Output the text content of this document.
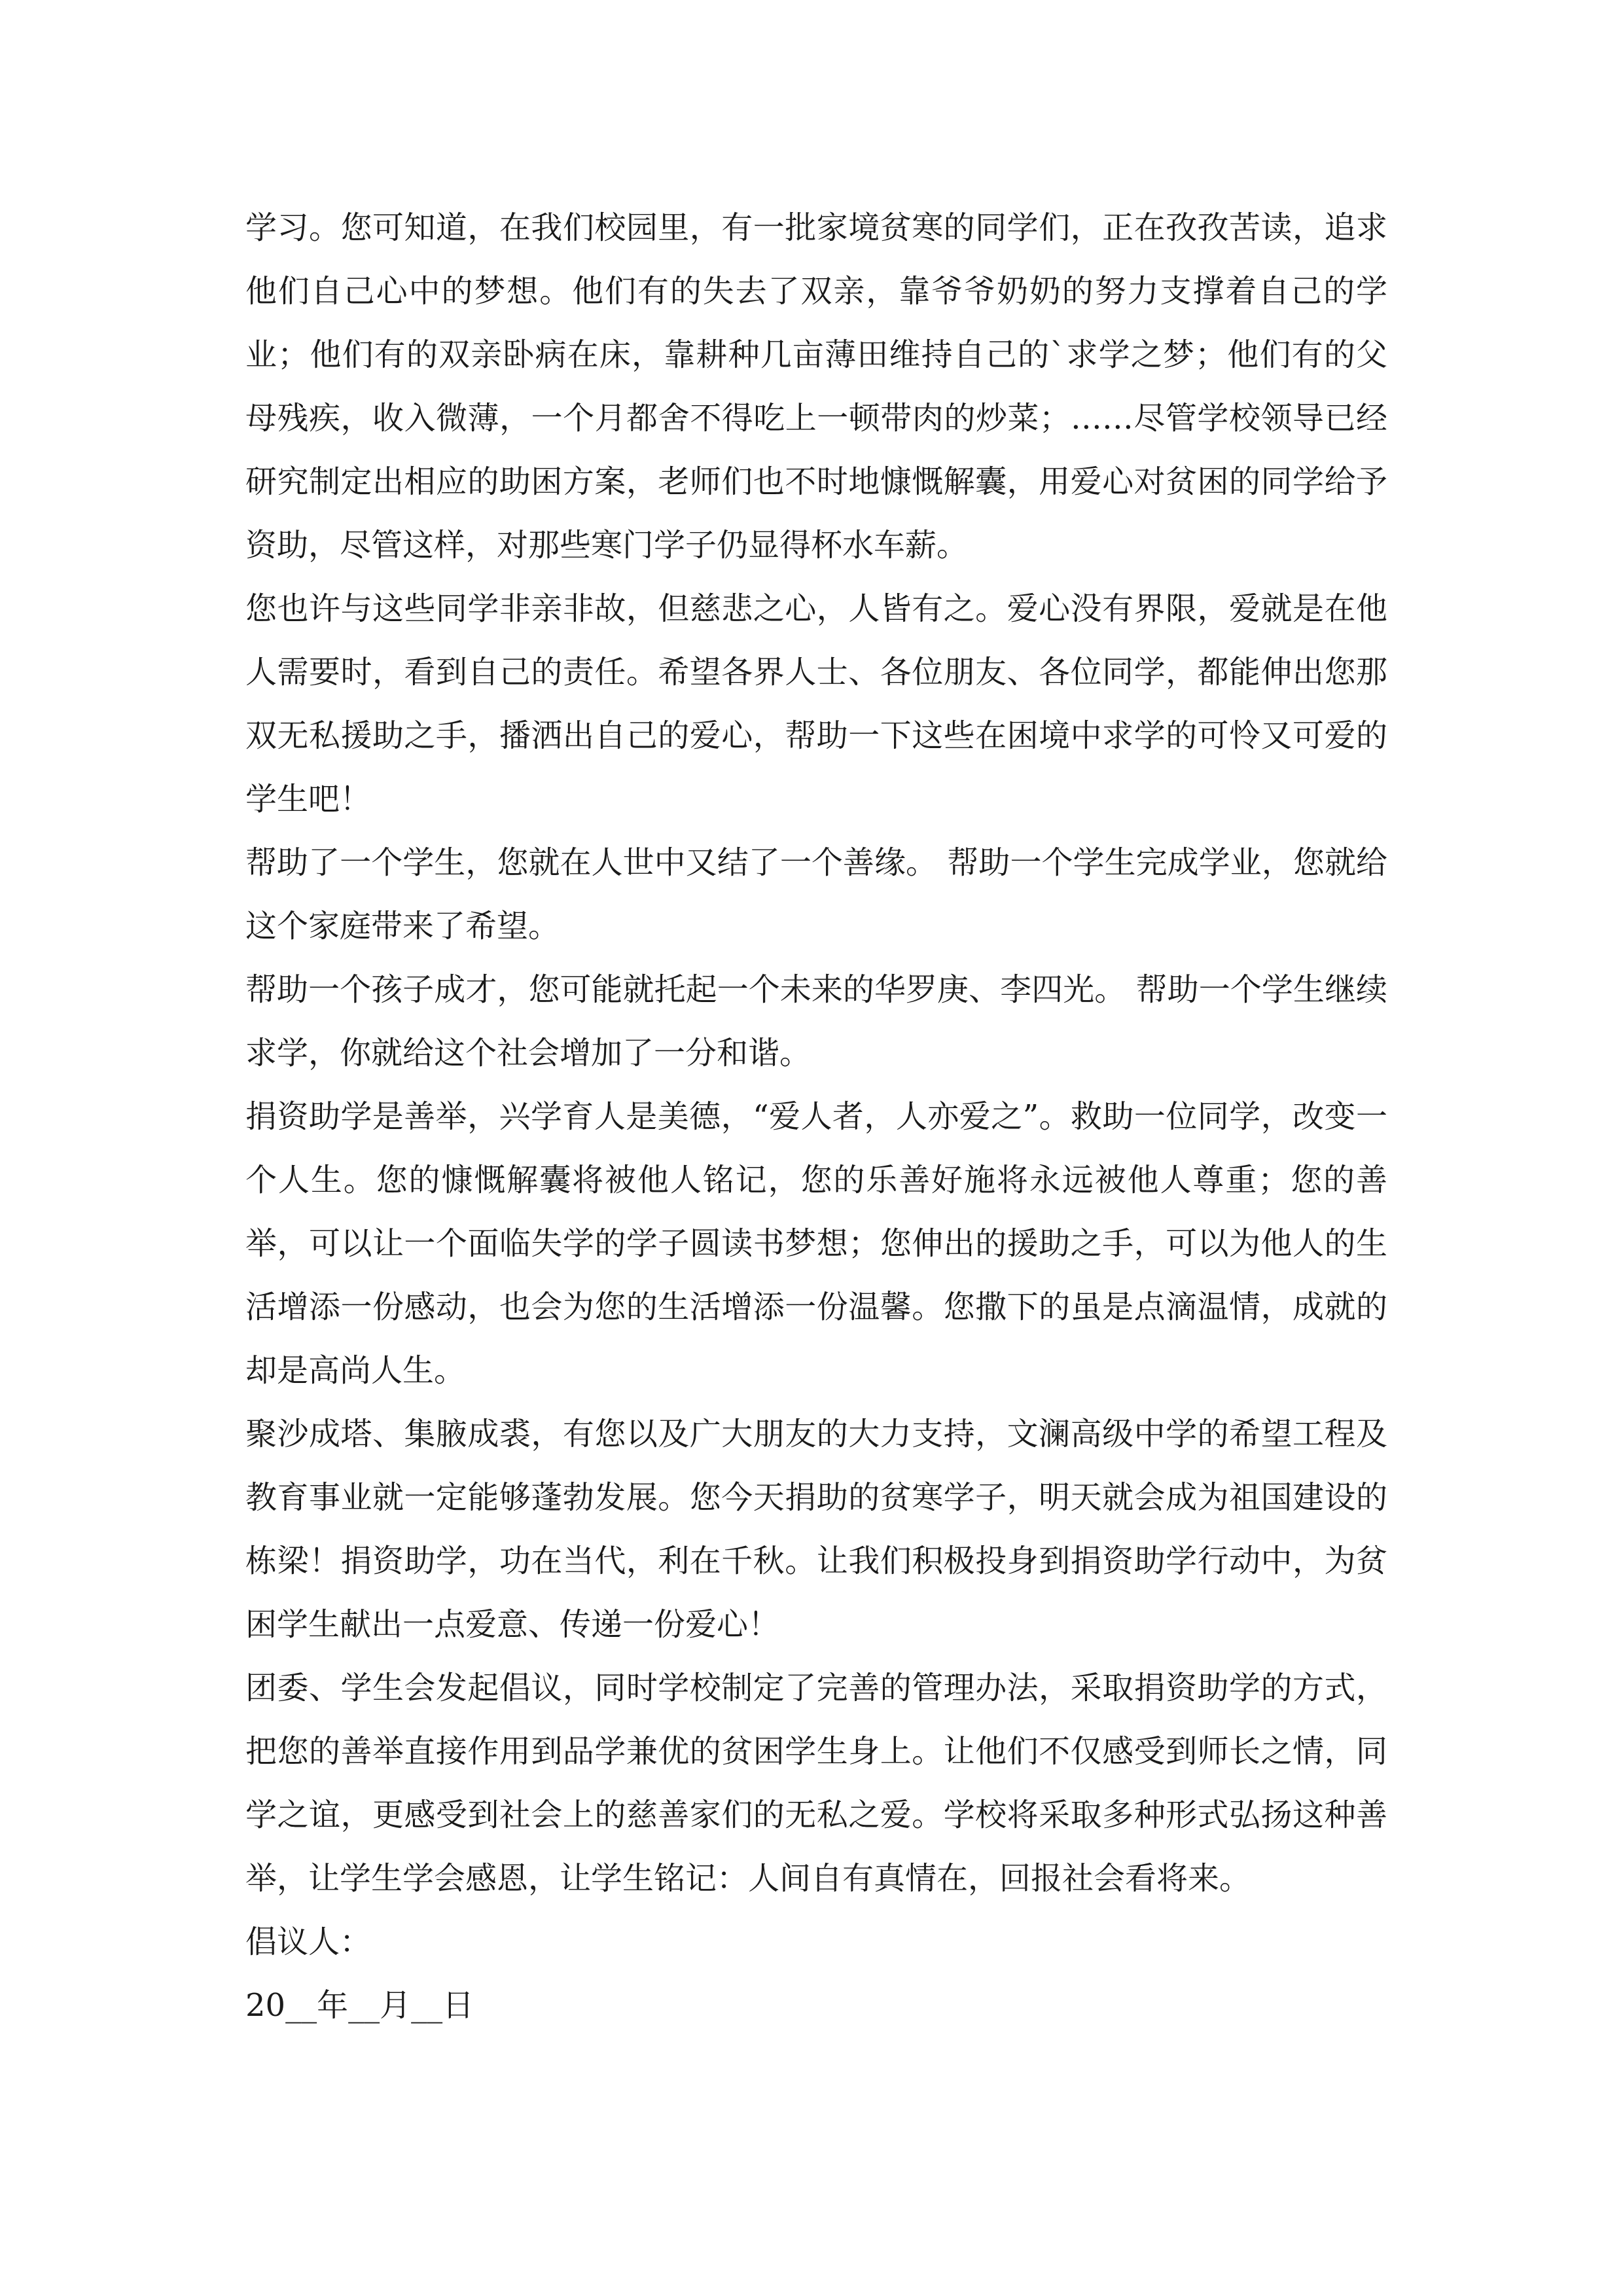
学习。您可知道，在我们校园里，有一批家境贫寒的同学们，正在孜孜苦读，追求他们自己心中的梦想。他们有的失去了双亲，靠爷爷奶奶的努力支撑着自己的学业；他们有的双亲卧病在床，靠耕种几亩薄田维持自己的`求学之梦；他们有的父母残疾，收入微薄，一个月都舍不得吃上一顿带肉的炒菜；……尽管学校领导已经研究制定出相应的助困方案，老师们也不时地慷慨解囊，用爱心对贫困的同学给予资助，尽管这样，对那些寒门学子仍显得杯水车薪。

您也许与这些同学非亲非故，但慈悲之心，人皆有之。爱心没有界限，爱就是在他人需要时，看到自己的责任。希望各界人士、各位朋友、各位同学，都能伸出您那双无私援助之手，播洒出自己的爱心，帮助一下这些在困境中求学的可怜又可爱的学生吧！

帮助了一个学生，您就在人世中又结了一个善缘。 帮助一个学生完成学业，您就给这个家庭带来了希望。

帮助一个孩子成才，您可能就托起一个未来的华罗庚、李四光。 帮助一个学生继续求学，你就给这个社会增加了一分和谐。

捐资助学是善举，兴学育人是美德，“爱人者，人亦爱之”。救助一位同学，改变一个人生。您的慷慨解囊将被他人铭记，您的乐善好施将永远被他人尊重；您的善举，可以让一个面临失学的学子圆读书梦想；您伸出的援助之手，可以为他人的生活增添一份感动，也会为您的生活增添一份温馨。您撒下的虽是点滴温情，成就的却是高尚人生。

聚沙成塔、集腋成裘，有您以及广大朋友的大力支持，文澜高级中学的希望工程及教育事业就一定能够蓬勃发展。您今天捐助的贫寒学子，明天就会成为祖国建设的栋梁！捐资助学，功在当代，利在千秋。让我们积极投身到捐资助学行动中，为贫困学生献出一点爱意、传递一份爱心！

团委、学生会发起倡议，同时学校制定了完善的管理办法，采取捐资助学的方式，把您的善举直接作用到品学兼优的贫困学生身上。让他们不仅感受到师长之情，同学之谊，更感受到社会上的慈善家们的无私之爱。学校将采取多种形式弘扬这种善举，让学生学会感恩，让学生铭记：人间自有真情在，回报社会看将来。

倡议人：

20__年__月__日
